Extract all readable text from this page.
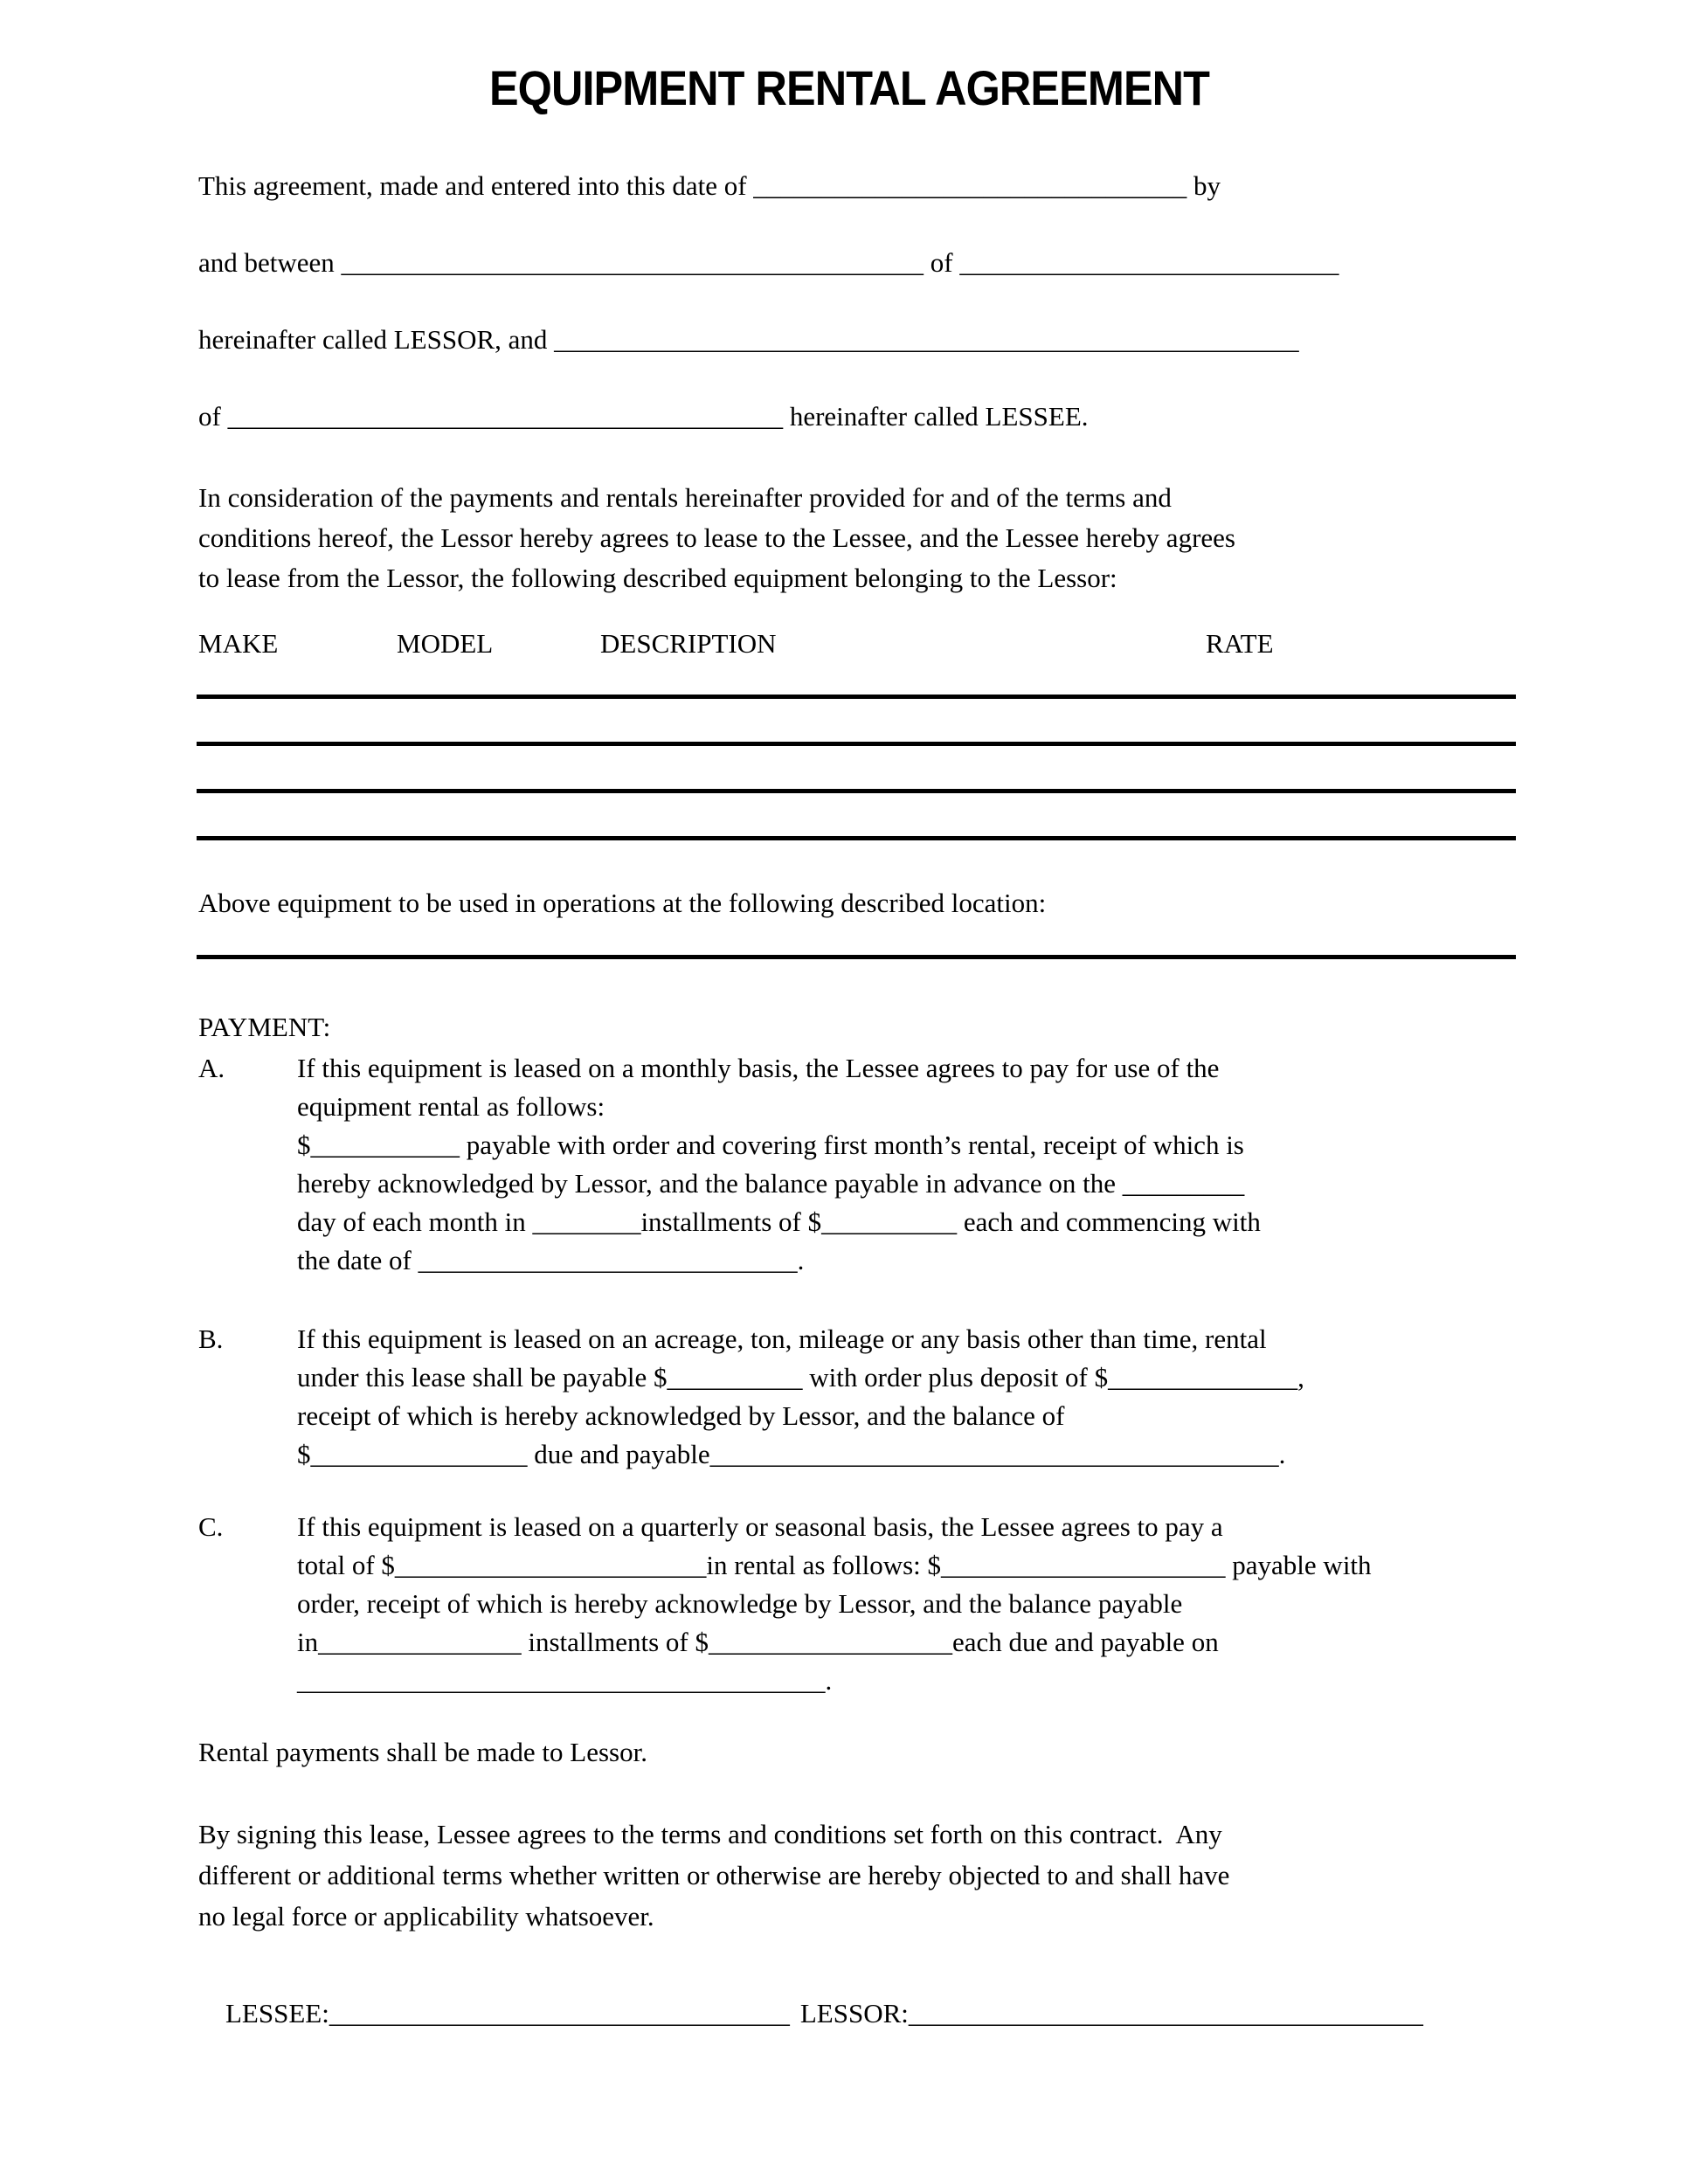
EQUIPMENT RENTAL AGREEMENT
This agreement, made and entered into this date of ________________________________ by
and between ___________________________________________ of ____________________________
hereinafter called LESSOR, and _______________________________________________________
of _________________________________________ hereinafter called LESSEE.
In consideration of the payments and rentals hereinafter provided for and of the terms and
conditions hereof, the Lessor hereby agrees to lease to the Lessee, and the Lessee hereby agrees
to lease from the Lessor, the following described equipment belonging to the Lessor:
MAKE	MODEL	DESCRIPTION	RATE
Above equipment to be used in operations at the following described location:
PAYMENT:
A.	If this equipment is leased on a monthly basis, the Lessee agrees to pay for use of the
equipment rental as follows:
$___________ payable with order and covering first month’s rental, receipt of which is
hereby acknowledged by Lessor, and the balance payable in advance on the _________
day of each month in ________installments of $__________ each and commencing with
the date of ____________________________.
B.	If this equipment is leased on an acreage, ton, mileage or any basis other than time, rental
under this lease shall be payable $__________ with order plus deposit of $______________,
receipt of which is hereby acknowledged by Lessor, and the balance of
$________________ due and payable__________________________________________.
C.	If this equipment is leased on a quarterly or seasonal basis, the Lessee agrees to pay a
total of $_______________________in rental as follows: $_____________________ payable with
order, receipt of which is hereby acknowledge by Lessor, and the balance payable
in_______________ installments of $__________________each due and payable on
_______________________________________.
Rental payments shall be made to Lessor.
By signing this lease, Lessee agrees to the terms and conditions set forth on this contract.  Any
different or additional terms whether written or otherwise are hereby objected to and shall have
no legal force or applicability whatsoever.

LESSEE:__________________________________ LESSOR:______________________________________
